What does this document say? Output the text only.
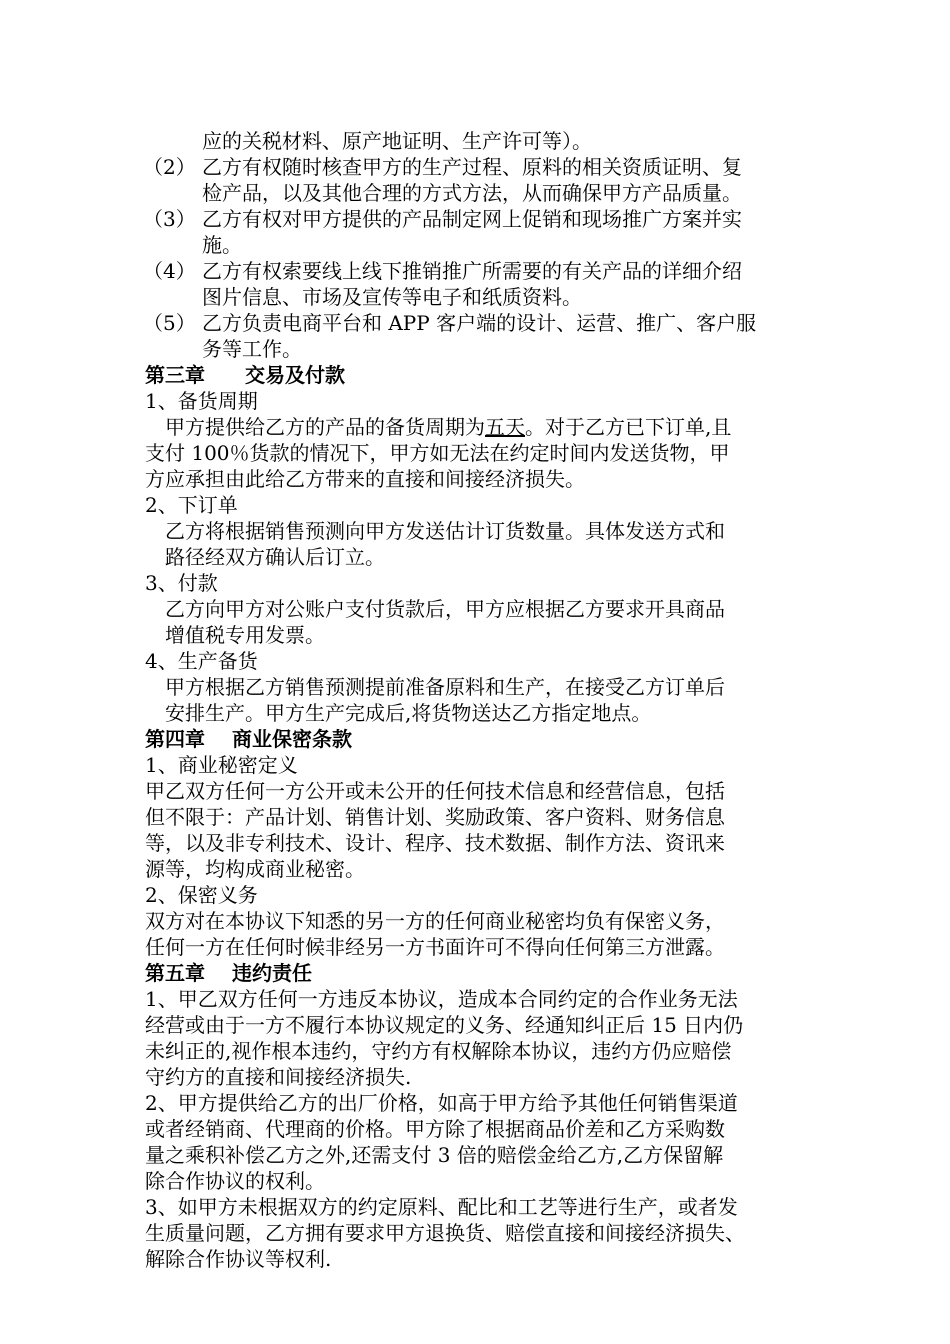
应的关税材料、原产地证明、生产许可等）。
（2） 乙方有权随时核查甲方的生产过程、原料的相关资质证明、复
检产品，以及其他合理的方式方法，从而确保甲方产品质量。
（3） 乙方有权对甲方提供的产品制定网上促销和现场推广方案并实
施。
（4） 乙方有权索要线上线下推销推广所需要的有关产品的详细介绍
图片信息、市场及宣传等电子和纸质资料。
（5） 乙方负责电商平台和 APP 客户端的设计、运营、推广、客户服
务等工作。
第三章　　交易及付款
1、备货周期
甲方提供给乙方的产品的备货周期为五天。对于乙方已下订单,且
支付 100％货款的情况下，甲方如无法在约定时间内发送货物，甲
方应承担由此给乙方带来的直接和间接经济损失。
2、下订单
乙方将根据销售预测向甲方发送估计订货数量。具体发送方式和
路径经双方确认后订立。
3、付款
乙方向甲方对公账户支付货款后，甲方应根据乙方要求开具商品
增值税专用发票。
4、生产备货
甲方根据乙方销售预测提前准备原料和生产，在接受乙方订单后
安排生产。甲方生产完成后,将货物送达乙方指定地点。
第四章　 商业保密条款
1、商业秘密定义
甲乙双方任何一方公开或未公开的任何技术信息和经营信息，包括
但不限于：产品计划、销售计划、奖励政策、客户资料、财务信息
等，以及非专利技术、设计、程序、技术数据、制作方法、资讯来
源等，均构成商业秘密。
2、保密义务
双方对在本协议下知悉的另一方的任何商业秘密均负有保密义务，
任何一方在任何时候非经另一方书面许可不得向任何第三方泄露。
第五章　 违约责任
1、甲乙双方任何一方违反本协议，造成本合同约定的合作业务无法
经营或由于一方不履行本协议规定的义务、经通知纠正后 15 日内仍
未纠正的,视作根本违约，守约方有权解除本协议，违约方仍应赔偿
守约方的直接和间接经济损失.
2、甲方提供给乙方的出厂价格，如高于甲方给予其他任何销售渠道
或者经销商、代理商的价格。甲方除了根据商品价差和乙方采购数
量之乘积补偿乙方之外,还需支付 3 倍的赔偿金给乙方,乙方保留解
除合作协议的权利。
3、如甲方未根据双方的约定原料、配比和工艺等进行生产，或者发
生质量问题，乙方拥有要求甲方退换货、赔偿直接和间接经济损失、
解除合作协议等权利.
